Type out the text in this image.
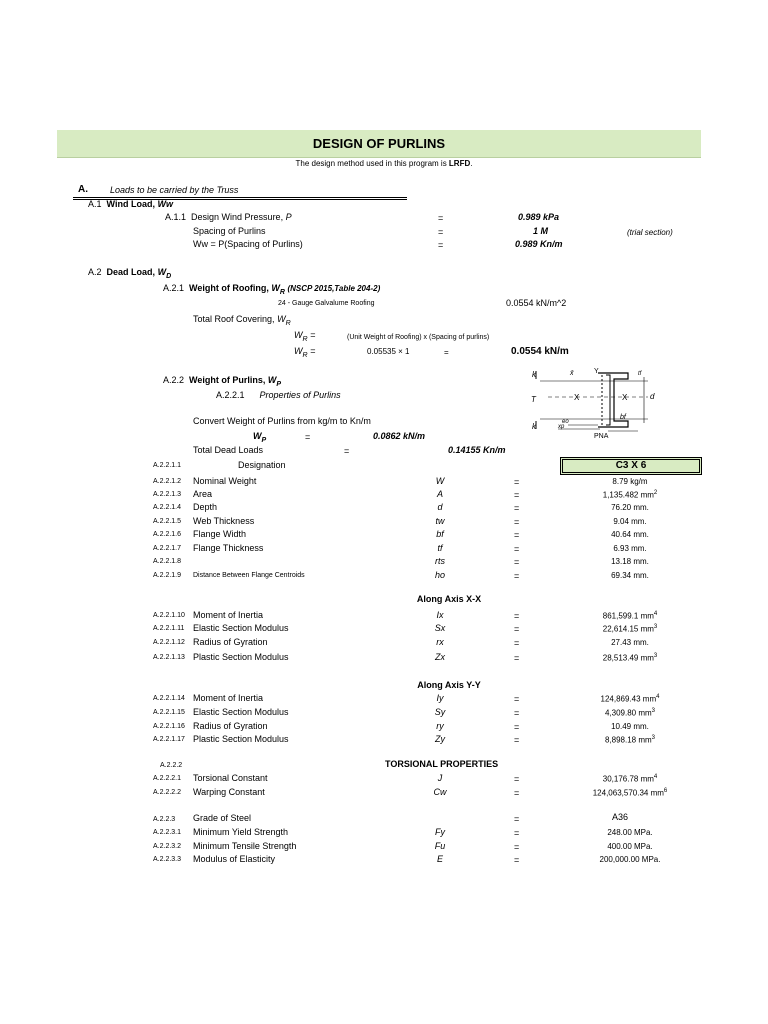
DESIGN OF PURLINS
The design method used in this program is LRFD.
A. Loads to be carried by the Truss
A.1 Wind Load, Ww
A.1.1 Design Wind Pressure, P	=	0.989 kPa
Spacing of Purlins	=	1 M	(trial section)
Ww = P(Spacing of Purlins)	=	0.989 Kn/m
A.2 Dead Load, $W_D$
A.2.1 Weight of Roofing, $W_R$ (NSCP 2015,Table 204-2)
24 - Gauge Galvalume Roofing	0.0554 kN/m^2
Total Roof Covering, $W_R$
$W_R$ =	(Unit Weight of Roofing) x (Spacing of purlins)
$W_R$ =	0.05535 × 1	=	0.0554 kN/m
A.2.2 Weight of Purlins, $W_P$
A.2.2.1 Properties of Purlins
k	x̄	Y	tf
X	X
T	d
bf
eo
xp
k
PNA
Convert Weight of Purlins from kg/m to Kn/m
$W_P$	=	0.0862 kN/m
Total Dead Loads	=	0.14155 Kn/m
A.2.2.1.1	Designation	C3 X 6
A.2.2.1.2 Nominal Weight	W	=	8.79 kg/m
A.2.2.1.3 Area	A	=	1,135.482 $mm^2$
A.2.2.1.4 Depth	d	=	76.20 mm.
A.2.2.1.5 Web Thickness	tw	=	9.04 mm.
A.2.2.1.6 Flange Width	bf	=	40.64 mm.
A.2.2.1.7 Flange Thickness	tf	=	6.93 mm.
A.2.2.1.8	rts	=	13.18 mm.
A.2.2.1.9 Distance Between Flange Centroids	ho	=	69.34 mm.
A.2.2.1.10 Moment of Inertia	Ix	=	861,599.1 $mm^4$
A.2.2.1.11 Elastic Section Modulus	Sx	=	22,614.15 $mm^3$
A.2.2.1.12 Radius of Gyration	rx	=	27.43 mm.
A.2.2.1.13 Plastic Section Modulus	Zx	=	28,513.49 $mm^3$
A.2.2.1.14 Moment of Inertia	Iy	=	124,869.43 $mm^4$
A.2.2.1.15 Elastic Section Modulus	Sy	=	4,309.80 $mm^3$
A.2.2.1.16 Radius of Gyration	ry	=	10.49 mm.
A.2.2.1.17 Plastic Section Modulus	Zy	=	8,898.18 $mm^3$
A.2.2.2.1 Torsional Constant	J	=	30,176.78 $mm^4$
A.2.2.2.2 Warping Constant	Cw	=	124,063,570.34 $mm^6$
A.2.2.3.1 Minimum Yield Strength	Fy	=	248.00 MPa.
A.2.2.3.2 Minimum Tensile Strength	Fu	=	400.00 MPa.
A.2.2.3.3 Modulus of Elasticity	E	=	200,000.00 MPa.
Along Axis X-X
Along Axis Y-Y
A.2.2.2	TORSIONAL PROPERTIES
A.2.2.3 Grade of Steel	=	A36
